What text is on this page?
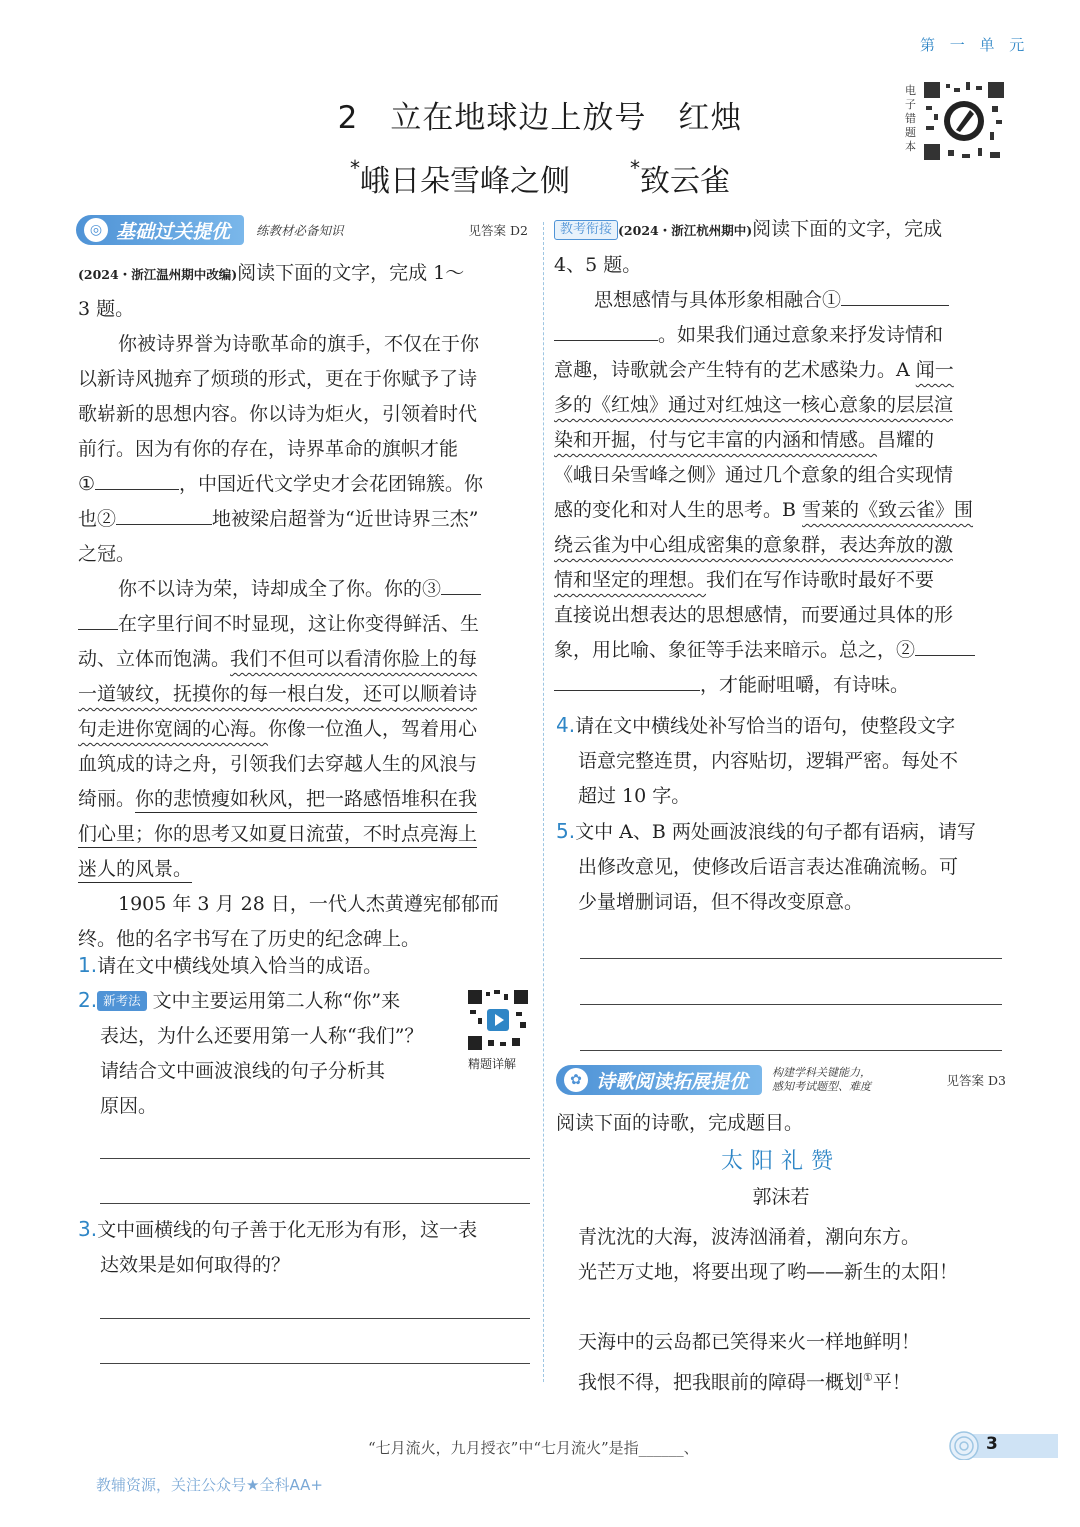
第 一 单 元
电子错题本
2　立在地球边上放号　红烛
*峨日朵雪峰之侧　　	*致云雀
◎ 基础过关提优 练教材必备知识	见答案 D2
(2024・浙江温州期中改编)阅读下面的文字，完成 1～
3 题。
你被诗界誉为诗歌革命的旗手，不仅在于你
以新诗风抛弃了烦琐的形式，更在于你赋予了诗
歌崭新的思想内容。你以诗为炬火，引领着时代
前行。因为有你的存在，诗界革命的旗帜才能
①	，中国近代文学史才会花团锦簇。你
也②	地被梁启超誉为“近世诗界三杰”
之冠。
你不以诗为荣，诗却成全了你。你的③
在字里行间不时显现，这让你变得鲜活、生
动、立体而饱满。我们不但可以看清你脸上的每
一道皱纹，抚摸你的每一根白发，还可以顺着诗
句走进你宽阔的心海。你像一位渔人，驾着用心
血筑成的诗之舟，引领我们去穿越人生的风浪与
绮丽。你的悲愤瘦如秋风，把一路感悟堆积在我
们心里；你的思考又如夏日流萤，不时点亮海上
迷人的风景。
1905 年 3 月 28 日，一代人杰黄遵宪郁郁而
终。他的名字书写在了历史的纪念碑上。
1.请在文中横线处填入恰当的成语。
2. 新考法 文中主要运用第二人称“你”来
表达，为什么还要用第一人称“我们”？
请结合文中画波浪线的句子分析其
原因。
精题详解
3.文中画横线的句子善于化无形为有形，这一表
达效果是如何取得的？
教考衔接 (2024・浙江杭州期中)阅读下面的文字，完成
4、5 题。
思想感情与具体形象相融合①
。如果我们通过意象来抒发诗情和
意趣，诗歌就会产生特有的艺术感染力。A 闻一
多的《红烛》通过对红烛这一核心意象的层层渲
染和开掘，付与它丰富的内涵和情感。昌耀的
《峨日朵雪峰之侧》通过几个意象的组合实现情
感的变化和对人生的思考。B 雪莱的《致云雀》围
绕云雀为中心组成密集的意象群，表达奔放的激
情和坚定的理想。我们在写作诗歌时最好不要
直接说出想表达的思想感情，而要通过具体的形
象，用比喻、象征等手法来暗示。总之，②
，才能耐咀嚼，有诗味。
4.请在文中横线处补写恰当的语句，使整段文字
语意完整连贯，内容贴切，逻辑严密。每处不
超过 10 字。
5.文中 A、B 两处画波浪线的句子都有语病，请写
出修改意见，使修改后语言表达准确流畅。可
少量增删词语，但不得改变原意。
✿ 诗歌阅读拓展提优 构建学科关键能力，
感知考试题型、难度	见答案 D3
阅读下面的诗歌，完成题目。
太阳礼赞
郭沫若
青沈沈的大海，波涛汹涌着，潮向东方。
光芒万丈地，将要出现了哟——新生的太阳！
天海中的云岛都已笑得来火一样地鲜明！
我恨不得，把我眼前的障碍一概划①平！
“七月流火，九月授衣”中“七月流火”是指______、	3
教辅资源，关注公众号★全科AA+
